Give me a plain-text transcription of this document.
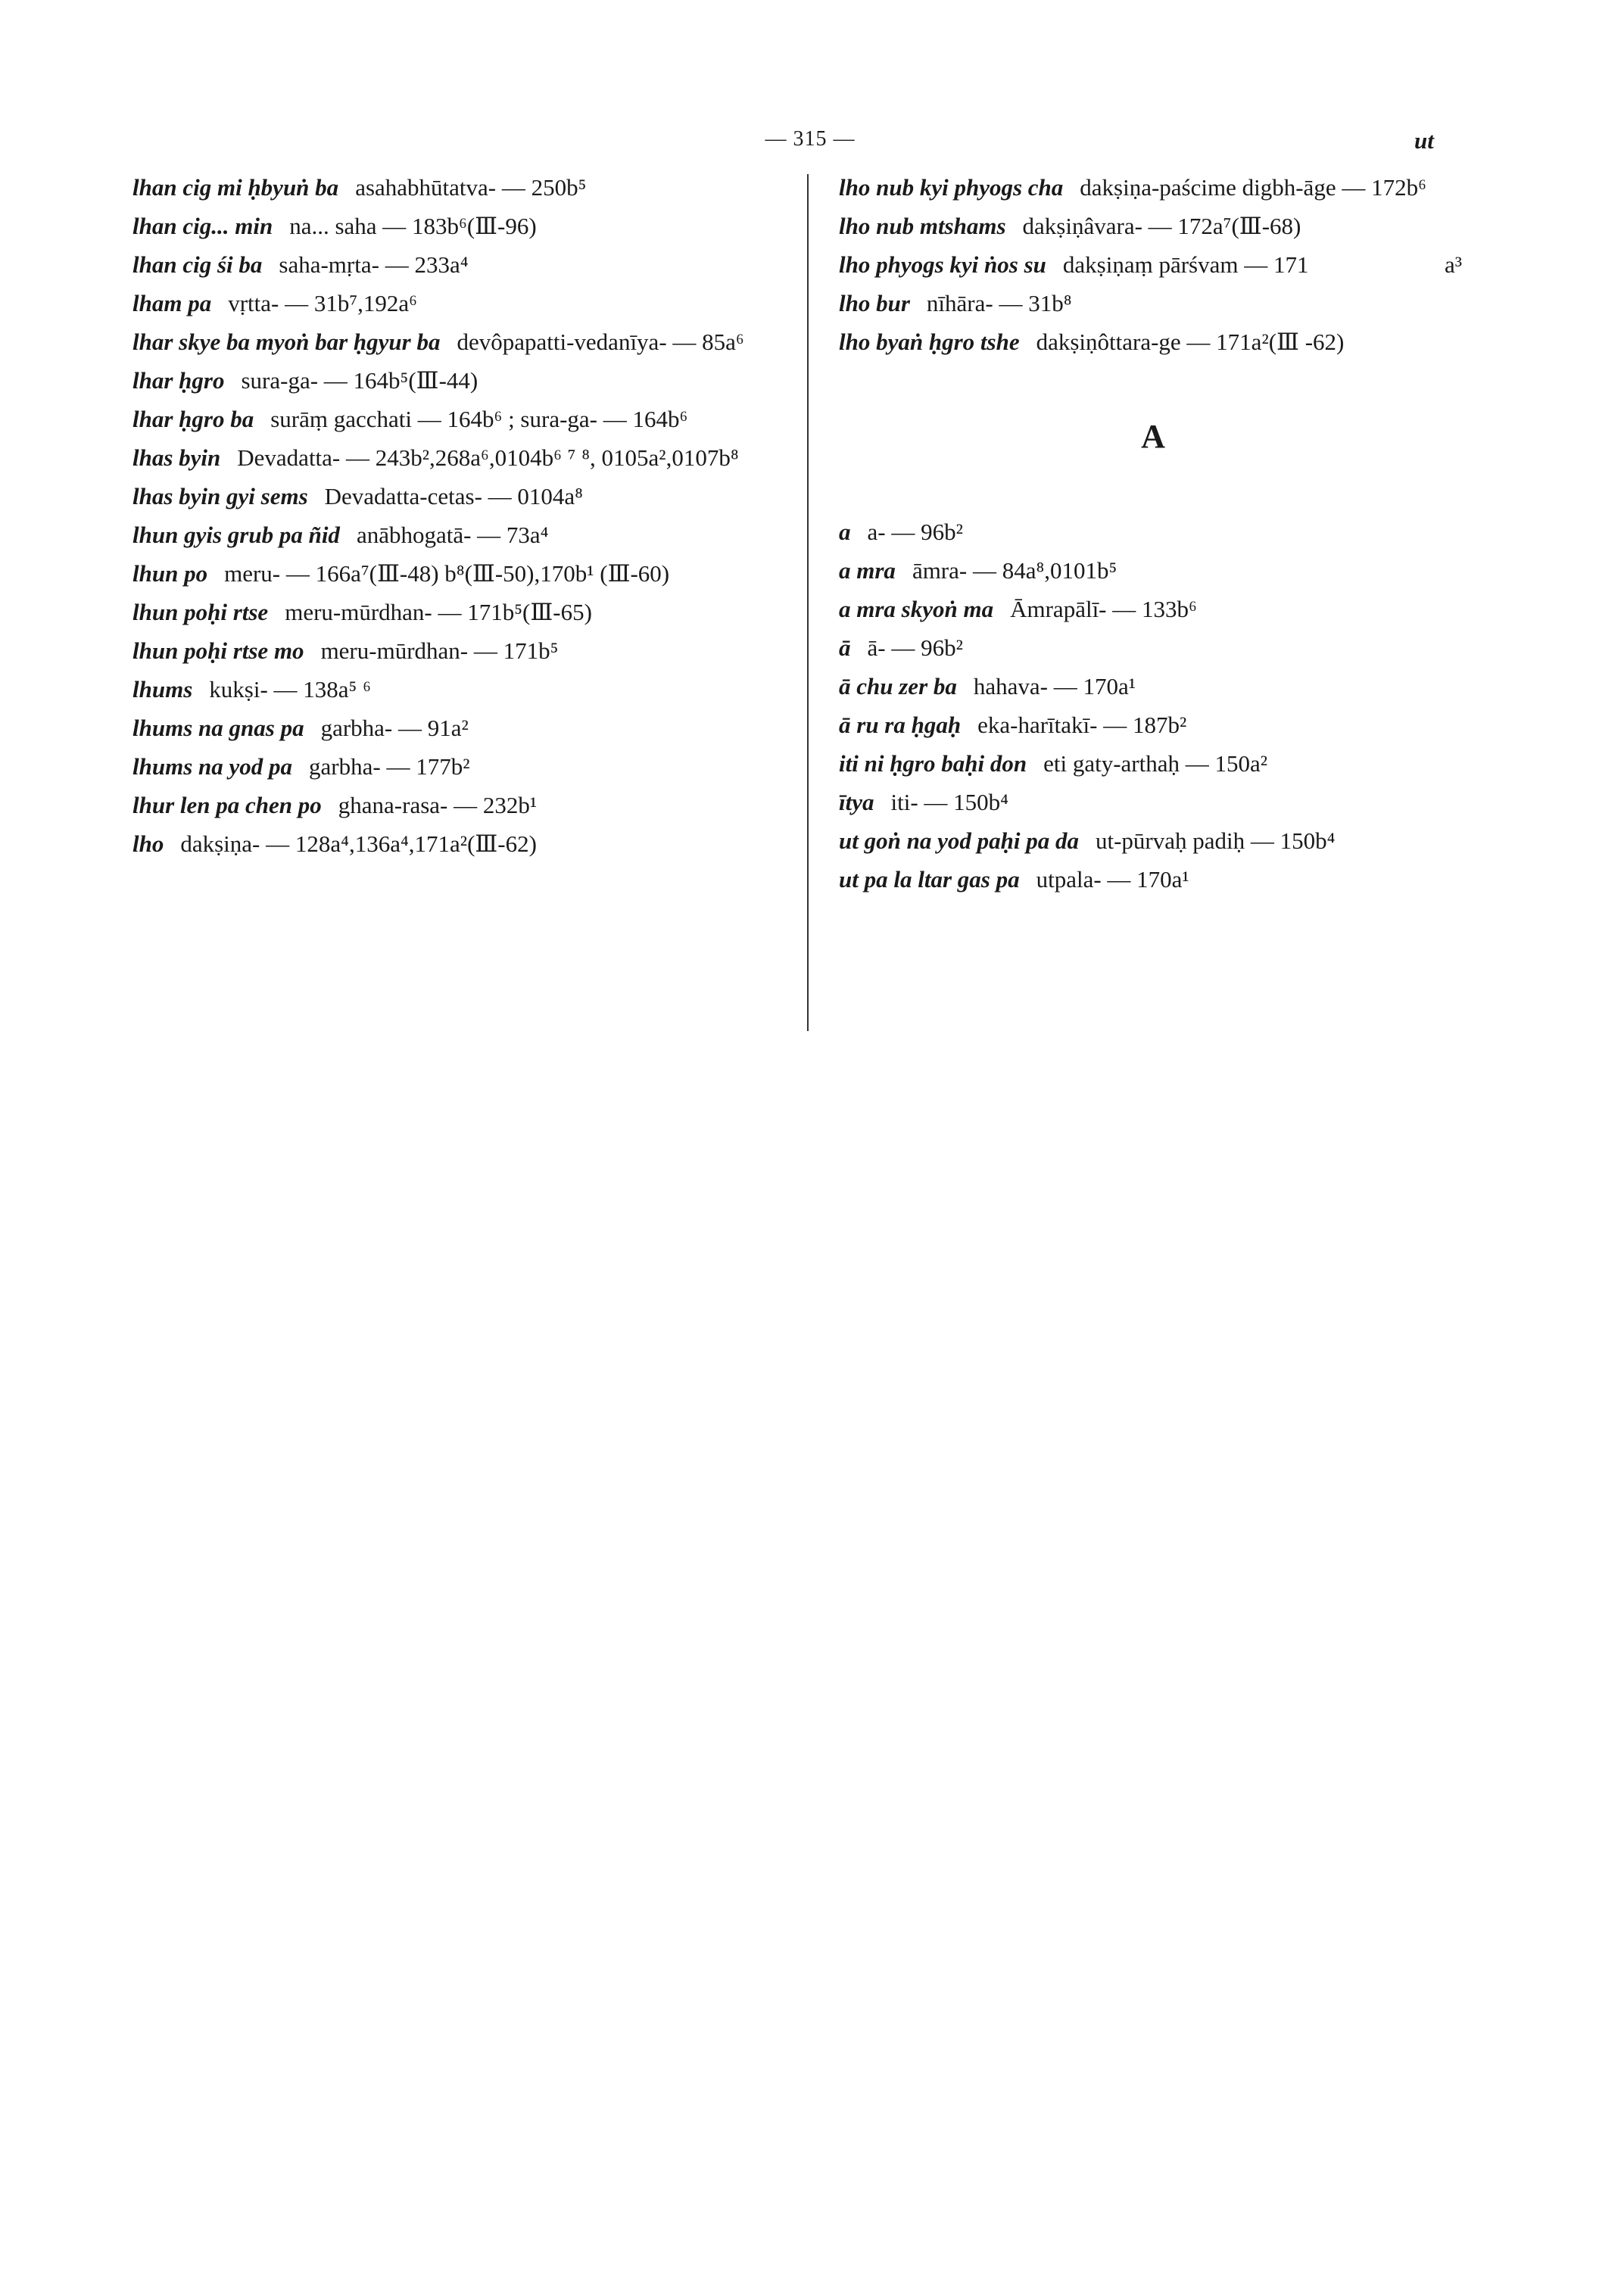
— 315 —	ut
lhan cig mi ḥbyuṅ ba asahabhūtatva- — 250b⁵
lhan cig... min na... saha — 183b⁶(Ⅲ-96)
lhan cig śi ba saha-mṛta- — 233a⁴
lham pa vṛtta- — 31b⁷,192a⁶
lhar skye ba myoṅ bar ḥgyur ba devôpapatti-vedanīya- — 85a⁶
lhar ḥgro sura-ga- — 164b⁵(Ⅲ-44)
lhar ḥgro ba surāṃ gacchati — 164b⁶ ; sura-ga- — 164b⁶
lhas byin Devadatta- — 243b²,268a⁶,0104b⁶ ⁷ ⁸, 0105a²,0107b⁸
lhas byin gyi sems Devadatta-cetas- — 0104a⁸
lhun gyis grub pa ñid anābhogatā- — 73a⁴
lhun po meru- — 166a⁷(Ⅲ-48) b⁸(Ⅲ-50),170b¹ (Ⅲ-60)
lhun poḥi rtse meru-mūrdhan- — 171b⁵(Ⅲ-65)
lhun poḥi rtse mo meru-mūrdhan- — 171b⁵
lhums kukṣi- — 138a⁵ ⁶
lhums na gnas pa garbha- — 91a²
lhums na yod pa garbha- — 177b²
lhur len pa chen po ghana-rasa- — 232b¹
lho dakṣiṇa- — 128a⁴,136a⁴,171a²(Ⅲ-62)
lho nub kyi phyogs cha dakṣiṇa-paścime digbh-āge — 172b⁶
lho nub mtshams dakṣiṇâvara- — 172a⁷(Ⅲ-68)
lho phyogs kyi ṅos su dakṣiṇaṃ pārśvam — 171	a³
lho bur nīhāra- — 31b⁸
lho byaṅ ḥgro tshe dakṣiṇôttara-ge — 171a²(Ⅲ -62)
A
a a- — 96b²
a mra āmra- — 84a⁸,0101b⁵
a mra skyoṅ ma Āmrapālī- — 133b⁶
ā ā- — 96b²
ā chu zer ba hahava- — 170a¹
ā ru ra ḥgaḥ eka-harītakī- — 187b²
iti ni ḥgro baḥi don eti gaty-arthaḥ — 150a²
ītya iti- — 150b⁴
ut goṅ na yod paḥi pa da ut-pūrvaḥ padiḥ — 150b⁴
ut pa la ltar gas pa utpala- — 170a¹
